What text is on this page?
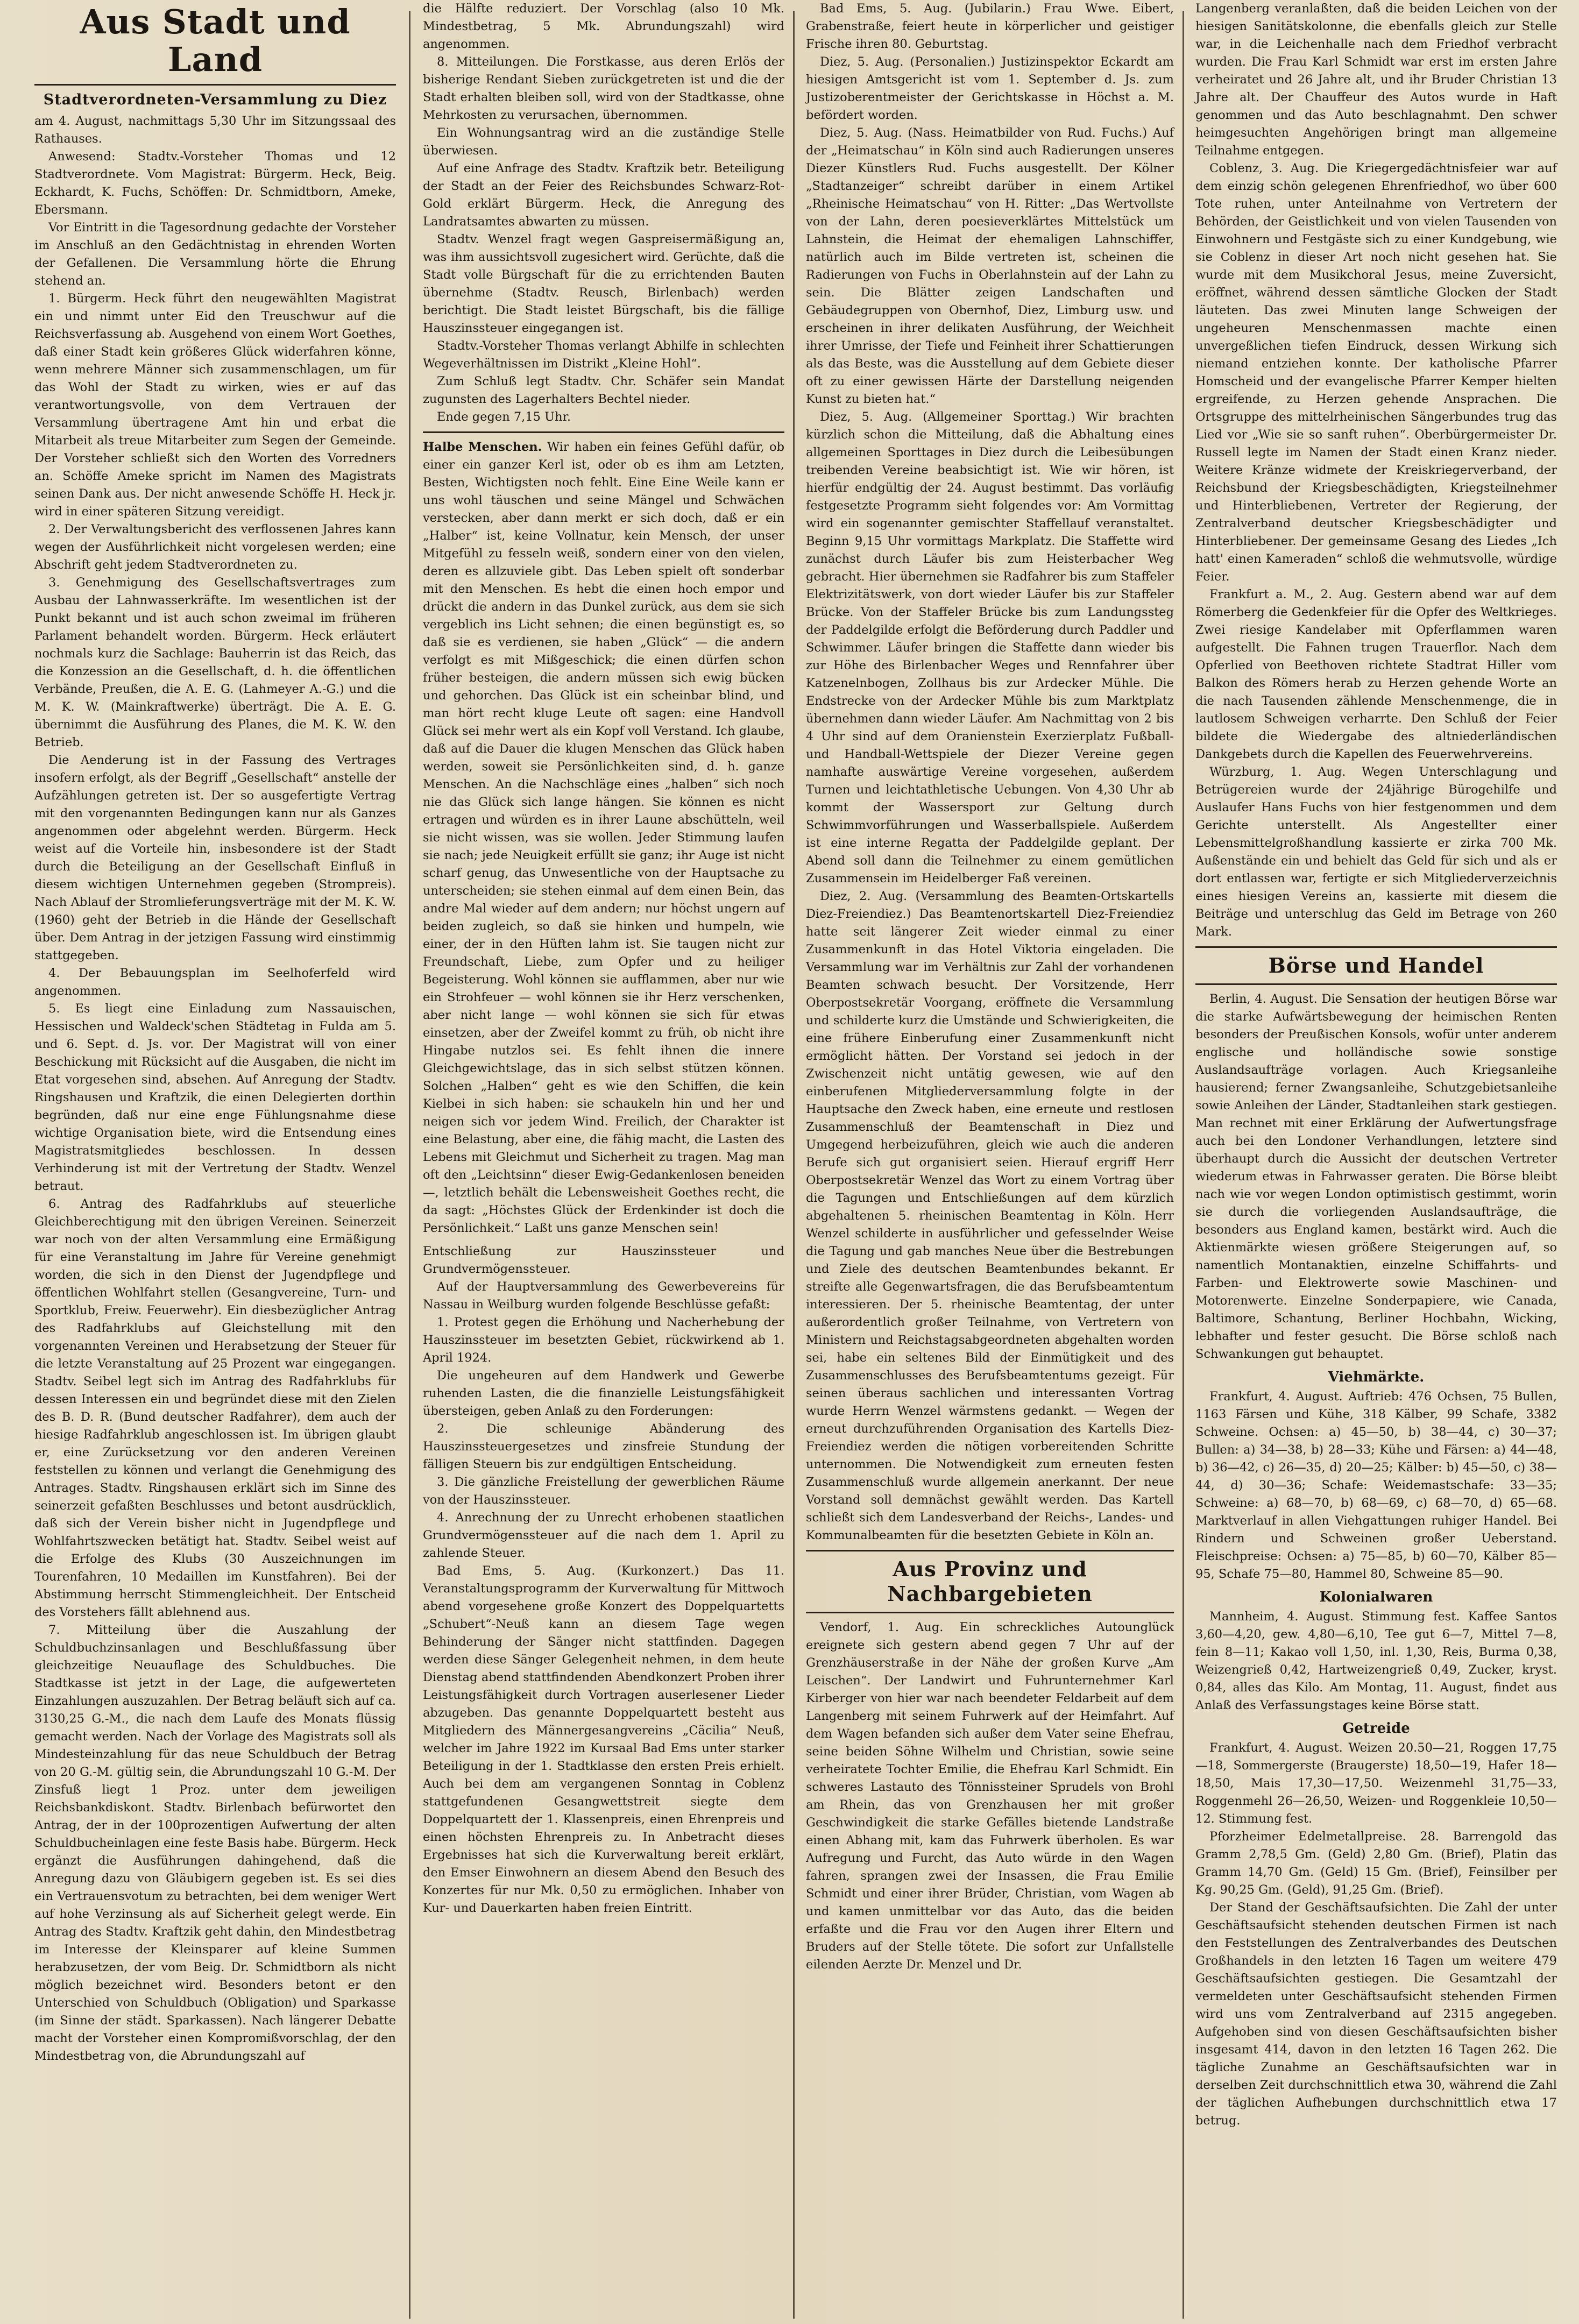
Aus Stadt und Land
Stadtverordneten-Versammlung zu Diez

am 4. August, nachmittags 5,30 Uhr im Sitzungssaal des Rathauses.

Anwesend: Stadtv.-Vorsteher Thomas und 12 Stadtverordnete. Vom Magistrat: Bürgerm. Heck, Beig. Eckhardt, K. Fuchs, Schöffen: Dr. Schmidtborn, Ameke, Ebersmann.

Vor Eintritt in die Tagesordnung gedachte der Vorsteher im Anschluß an den Gedächtnistag in ehrenden Worten der Gefallenen. Die Versammlung hörte die Ehrung stehend an.

1. Bürgerm. Heck führt den neugewählten Magistrat ein und nimmt unter Eid den Treuschwur auf die Reichsverfassung ab. Ausgehend von einem Wort Goethes, daß einer Stadt kein größeres Glück widerfahren könne, wenn mehrere Männer sich zusammenschlagen, um für das Wohl der Stadt zu wirken, wies er auf das verantwortungsvolle, von dem Vertrauen der Versammlung übertragene Amt hin und erbat die Mitarbeit als treue Mitarbeiter zum Segen der Gemeinde. Der Vorsteher schließt sich den Worten des Vorredners an. Schöffe Ameke spricht im Namen des Magistrats seinen Dank aus. Der nicht anwesende Schöffe H. Heck jr. wird in einer späteren Sitzung vereidigt.

2. Der Verwaltungsbericht des verflossenen Jahres kann wegen der Ausführlichkeit nicht vorgelesen werden; eine Abschrift geht jedem Stadtverordneten zu.

3. Genehmigung des Gesellschaftsvertrages zum Ausbau der Lahnwasserkräfte. Im wesentlichen ist der Punkt bekannt und ist auch schon zweimal im früheren Parlament behandelt worden. Bürgerm. Heck erläutert nochmals kurz die Sachlage: Bauherrin ist das Reich, das die Konzession an die Gesellschaft, d. h. die öffentlichen Verbände, Preußen, die A. E. G. (Lahmeyer A.-G.) und die M. K. W. (Mainkraftwerke) überträgt. Die A. E. G. übernimmt die Ausführung des Planes, die M. K. W. den Betrieb.

Die Aenderung ist in der Fassung des Vertrages insofern erfolgt, als der Begriff „Gesellschaft“ anstelle der Aufzählungen getreten ist. Der so ausgefertigte Vertrag mit den vorgenannten Bedingungen kann nur als Ganzes angenommen oder abgelehnt werden. Bürgerm. Heck weist auf die Vorteile hin, insbesondere ist der Stadt durch die Beteiligung an der Gesellschaft Einfluß in diesem wichtigen Unternehmen gegeben (Strompreis). Nach Ablauf der Stromlieferungsverträge mit der M. K. W. (1960) geht der Betrieb in die Hände der Gesellschaft über. Dem Antrag in der jetzigen Fassung wird einstimmig stattgegeben.

4. Der Bebauungsplan im Seelhoferfeld wird angenommen.

5. Es liegt eine Einladung zum Nassauischen, Hessischen und Waldeck'schen Städtetag in Fulda am 5. und 6. Sept. d. Js. vor. Der Magistrat will von einer Beschickung mit Rücksicht auf die Ausgaben, die nicht im Etat vorgesehen sind, absehen. Auf Anregung der Stadtv. Ringshausen und Kraftzik, die einen Delegierten dorthin begründen, daß nur eine enge Fühlungsnahme diese wichtige Organisation biete, wird die Entsendung eines Magistratsmitgliedes beschlossen. In dessen Verhinderung ist mit der Vertretung der Stadtv. Wenzel betraut.

6. Antrag des Radfahrklubs auf steuerliche Gleichberechtigung mit den übrigen Vereinen. Seinerzeit war noch von der alten Versammlung eine Ermäßigung für eine Veranstaltung im Jahre für Vereine genehmigt worden, die sich in den Dienst der Jugendpflege und öffentlichen Wohlfahrt stellen (Gesangvereine, Turn- und Sportklub, Freiw. Feuerwehr). Ein diesbezüglicher Antrag des Radfahrklubs auf Gleichstellung mit den vorgenannten Vereinen und Herabsetzung der Steuer für die letzte Veranstaltung auf 25 Prozent war eingegangen. Stadtv. Seibel legt sich im Antrag des Radfahrklubs für dessen Interessen ein und begründet diese mit den Zielen des B. D. R. (Bund deutscher Radfahrer), dem auch der hiesige Radfahrklub angeschlossen ist. Im übrigen glaubt er, eine Zurücksetzung vor den anderen Vereinen feststellen zu können und verlangt die Genehmigung des Antrages. Stadtv. Ringshausen erklärt sich im Sinne des seinerzeit gefaßten Beschlusses und betont ausdrücklich, daß sich der Verein bisher nicht in Jugendpflege und Wohlfahrtszwecken betätigt hat. Stadtv. Seibel weist auf die Erfolge des Klubs (30 Auszeichnungen im Tourenfahren, 10 Medaillen im Kunstfahren). Bei der Abstimmung herrscht Stimmengleichheit. Der Entscheid des Vorstehers fällt ablehnend aus.

7. Mitteilung über die Auszahlung der Schuldbuchzinsanlagen und Beschlußfassung über gleichzeitige Neuauflage des Schuldbuches. Die Stadtkasse ist jetzt in der Lage, die aufgewerteten Einzahlungen auszuzahlen. Der Betrag beläuft sich auf ca. 3130,25 G.-M., die nach dem Laufe des Monats flüssig gemacht werden. Nach der Vorlage des Magistrats soll als Mindesteinzahlung für das neue Schuldbuch der Betrag von 20 G.-M. gültig sein, die Abrundungszahl 10 G.-M. Der Zinsfuß liegt 1 Proz. unter dem jeweiligen Reichsbankdiskont. Stadtv. Birlenbach befürwortet den Antrag, der in der 100prozentigen Aufwertung der alten Schuldbucheinlagen eine feste Basis habe. Bürgerm. Heck ergänzt die Ausführungen dahingehend, daß die Anregung dazu von Gläubigern gegeben ist. Es sei dies ein Vertrauensvotum zu betrachten, bei dem weniger Wert auf hohe Verzinsung als auf Sicherheit gelegt werde. Ein Antrag des Stadtv. Kraftzik geht dahin, den Mindestbetrag im Interesse der Kleinsparer auf kleine Summen herabzusetzen, der vom Beig. Dr. Schmidtborn als nicht möglich bezeichnet wird. Besonders betont er den Unterschied von Schuldbuch (Obligation) und Sparkasse (im Sinne der städt. Sparkassen). Nach längerer Debatte macht der Vorsteher einen Kompromißvorschlag, der den Mindestbetrag von, die Abrundungszahl auf

die Hälfte reduziert. Der Vorschlag (also 10 Mk. Mindestbetrag, 5 Mk. Abrundungszahl) wird angenommen.

8. Mitteilungen. Die Forstkasse, aus deren Erlös der bisherige Rendant Sieben zurückgetreten ist und die der Stadt erhalten bleiben soll, wird von der Stadtkasse, ohne Mehrkosten zu verursachen, übernommen.

Ein Wohnungsantrag wird an die zuständige Stelle überwiesen.

Auf eine Anfrage des Stadtv. Kraftzik betr. Beteiligung der Stadt an der Feier des Reichsbundes Schwarz-Rot-Gold erklärt Bürgerm. Heck, die Anregung des Landratsamtes abwarten zu müssen.

Stadtv. Wenzel fragt wegen Gaspreisermäßigung an, was ihm aussichtsvoll zugesichert wird. Gerüchte, daß die Stadt volle Bürgschaft für die zu errichtenden Bauten übernehme (Stadtv. Reusch, Birlenbach) werden berichtigt. Die Stadt leistet Bürgschaft, bis die fällige Hauszinssteuer eingegangen ist.

Stadtv.-Vorsteher Thomas verlangt Abhilfe in schlechten Wegeverhältnissen im Distrikt „Kleine Hohl“.

Zum Schluß legt Stadtv. Chr. Schäfer sein Mandat zugunsten des Lagerhalters Bechtel nieder.

Ende gegen 7,15 Uhr.

Halbe Menschen. Wir haben ein feines Gefühl dafür, ob einer ein ganzer Kerl ist, oder ob es ihm am Letzten, Besten, Wichtigsten noch fehlt. Eine Eine Weile kann er uns wohl täuschen und seine Mängel und Schwächen verstecken, aber dann merkt er sich doch, daß er ein „Halber“ ist, keine Vollnatur, kein Mensch, der unser Mitgefühl zu fesseln weiß, sondern einer von den vielen, deren es allzuviele gibt. Das Leben spielt oft sonderbar mit den Menschen. Es hebt die einen hoch empor und drückt die andern in das Dunkel zurück, aus dem sie sich vergeblich ins Licht sehnen; die einen begünstigt es, so daß sie es verdienen, sie haben „Glück“ — die andern verfolgt es mit Mißgeschick; die einen dürfen schon früher besteigen, die andern müssen sich ewig bücken und gehorchen. Das Glück ist ein scheinbar blind, und man hört recht kluge Leute oft sagen: eine Handvoll Glück sei mehr wert als ein Kopf voll Verstand. Ich glaube, daß auf die Dauer die klugen Menschen das Glück haben werden, soweit sie Persönlichkeiten sind, d. h. ganze Menschen. An die Nachschläge eines „halben“ sich noch nie das Glück sich lange hängen. Sie können es nicht ertragen und würden es in ihrer Laune abschütteln, weil sie nicht wissen, was sie wollen. Jeder Stimmung laufen sie nach; jede Neuigkeit erfüllt sie ganz; ihr Auge ist nicht scharf genug, das Unwesentliche von der Hauptsache zu unterscheiden; sie stehen einmal auf dem einen Bein, das andre Mal wieder auf dem andern; nur höchst ungern auf beiden zugleich, so daß sie hinken und humpeln, wie einer, der in den Hüften lahm ist. Sie taugen nicht zur Freundschaft, Liebe, zum Opfer und zu heiliger Begeisterung. Wohl können sie aufflammen, aber nur wie ein Strohfeuer — wohl können sie ihr Herz verschenken, aber nicht lange — wohl können sie sich für etwas einsetzen, aber der Zweifel kommt zu früh, ob nicht ihre Hingabe nutzlos sei. Es fehlt ihnen die innere Gleichgewichtslage, das in sich selbst stützen können. Solchen „Halben“ geht es wie den Schiffen, die kein Kielbei in sich haben: sie schaukeln hin und her und neigen sich vor jedem Wind. Freilich, der Charakter ist eine Belastung, aber eine, die fähig macht, die Lasten des Lebens mit Gleichmut und Sicherheit zu tragen. Mag man oft den „Leichtsinn“ dieser Ewig-Gedankenlosen beneiden —, letztlich behält die Lebensweisheit Goethes recht, die da sagt: „Höchstes Glück der Erdenkinder ist doch die Persönlichkeit.“ Laßt uns ganze Menschen sein!

Entschließung zur Hauszinssteuer und Grundvermögenssteuer.

Auf der Hauptversammlung des Gewerbevereins für Nassau in Weilburg wurden folgende Beschlüsse gefaßt:

1. Protest gegen die Erhöhung und Nacherhebung der Hauszinssteuer im besetzten Gebiet, rückwirkend ab 1. April 1924.

Die ungeheuren auf dem Handwerk und Gewerbe ruhenden Lasten, die die finanzielle Leistungsfähigkeit übersteigen, geben Anlaß zu den Forderungen:

2. Die schleunige Abänderung des Hauszinssteuergesetzes und zinsfreie Stundung der fälligen Steuern bis zur endgültigen Entscheidung.

3. Die gänzliche Freistellung der gewerblichen Räume von der Hauszinssteuer.

4. Anrechnung der zu Unrecht erhobenen staatlichen Grundvermögenssteuer auf die nach dem 1. April zu zahlende Steuer.

Bad Ems, 5. Aug. (Kurkonzert.) Das 11. Veranstaltungsprogramm der Kurverwaltung für Mittwoch abend vorgesehene große Konzert des Doppelquartetts „Schubert“-Neuß kann an diesem Tage wegen Behinderung der Sänger nicht stattfinden. Dagegen werden diese Sänger Gelegenheit nehmen, in dem heute Dienstag abend stattfindenden Abendkonzert Proben ihrer Leistungsfähigkeit durch Vortragen auserlesener Lieder abzugeben. Das genannte Doppelquartett besteht aus Mitgliedern des Männergesangvereins „Cäcilia“ Neuß, welcher im Jahre 1922 im Kursaal Bad Ems unter starker Beteiligung in der 1. Stadtklasse den ersten Preis erhielt. Auch bei dem am vergangenen Sonntag in Coblenz stattgefundenen Gesangwettstreit siegte dem Doppelquartett der 1. Klassenpreis, einen Ehrenpreis und einen höchsten Ehrenpreis zu. In Anbetracht dieses Ergebnisses hat sich die Kurverwaltung bereit erklärt, den Emser Einwohnern an diesem Abend den Besuch des Konzertes für nur Mk. 0,50 zu ermöglichen. Inhaber von Kur- und Dauerkarten haben freien Eintritt.

Bad Ems, 5. Aug. (Jubilarin.) Frau Wwe. Eibert, Grabenstraße, feiert heute in körperlicher und geistiger Frische ihren 80. Geburtstag.

Diez, 5. Aug. (Personalien.) Justizinspektor Eckardt am hiesigen Amtsgericht ist vom 1. September d. Js. zum Justizoberentmeister der Gerichtskasse in Höchst a. M. befördert worden.

Diez, 5. Aug. (Nass. Heimatbilder von Rud. Fuchs.) Auf der „Heimatschau“ in Köln sind auch Radierungen unseres Diezer Künstlers Rud. Fuchs ausgestellt. Der Kölner „Stadtanzeiger“ schreibt darüber in einem Artikel „Rheinische Heimatschau“ von H. Ritter: „Das Wertvollste von der Lahn, deren poesieverklärtes Mittelstück um Lahnstein, die Heimat der ehemaligen Lahnschiffer, natürlich auch im Bilde vertreten ist, scheinen die Radierungen von Fuchs in Oberlahnstein auf der Lahn zu sein. Die Blätter zeigen Landschaften und Gebäudegruppen von Obernhof, Diez, Limburg usw. und erscheinen in ihrer delikaten Ausführung, der Weichheit ihrer Umrisse, der Tiefe und Feinheit ihrer Schattierungen als das Beste, was die Ausstellung auf dem Gebiete dieser oft zu einer gewissen Härte der Darstellung neigenden Kunst zu bieten hat.“

Diez, 5. Aug. (Allgemeiner Sporttag.) Wir brachten kürzlich schon die Mitteilung, daß die Abhaltung eines allgemeinen Sporttages in Diez durch die Leibesübungen treibenden Vereine beabsichtigt ist. Wie wir hören, ist hierfür endgültig der 24. August bestimmt. Das vorläufig festgesetzte Programm sieht folgendes vor: Am Vormittag wird ein sogenannter gemischter Staffellauf veranstaltet. Beginn 9,15 Uhr vormittags Markplatz. Die Staffette wird zunächst durch Läufer bis zum Heisterbacher Weg gebracht. Hier übernehmen sie Radfahrer bis zum Staffeler Elektrizitätswerk, von dort wieder Läufer bis zur Staffeler Brücke. Von der Staffeler Brücke bis zum Landungssteg der Paddelgilde erfolgt die Beförderung durch Paddler und Schwimmer. Läufer bringen die Staffette dann wieder bis zur Höhe des Birlenbacher Weges und Rennfahrer über Katzenelnbogen, Zollhaus bis zur Ardecker Mühle. Die Endstrecke von der Ardecker Mühle bis zum Marktplatz übernehmen dann wieder Läufer. Am Nachmittag von 2 bis 4 Uhr sind auf dem Oranienstein Exerzierplatz Fußball- und Handball-Wettspiele der Diezer Vereine gegen namhafte auswärtige Vereine vorgesehen, außerdem Turnen und leichtathletische Uebungen. Von 4,30 Uhr ab kommt der Wassersport zur Geltung durch Schwimmvorführungen und Wasserballspiele. Außerdem ist eine interne Regatta der Paddelgilde geplant. Der Abend soll dann die Teilnehmer zu einem gemütlichen Zusammensein im Heidelberger Faß vereinen.

Diez, 2. Aug. (Versammlung des Beamten-Ortskartells Diez-Freiendiez.) Das Beamtenortskartell Diez-Freiendiez hatte seit längerer Zeit wieder einmal zu einer Zusammenkunft in das Hotel Viktoria eingeladen. Die Versammlung war im Verhältnis zur Zahl der vorhandenen Beamten schwach besucht. Der Vorsitzende, Herr Oberpostsekretär Voorgang, eröffnete die Versammlung und schilderte kurz die Umstände und Schwierigkeiten, die eine frühere Einberufung einer Zusammenkunft nicht ermöglicht hätten. Der Vorstand sei jedoch in der Zwischenzeit nicht untätig gewesen, wie auf den einberufenen Mitgliederversammlung folgte in der Hauptsache den Zweck haben, eine erneute und restlosen Zusammenschluß der Beamtenschaft in Diez und Umgegend herbeizuführen, gleich wie auch die anderen Berufe sich gut organisiert seien. Hierauf ergriff Herr Oberpostsekretär Wenzel das Wort zu einem Vortrag über die Tagungen und Entschließungen auf dem kürzlich abgehaltenen 5. rheinischen Beamtentag in Köln. Herr Wenzel schilderte in ausführlicher und gefesselnder Weise die Tagung und gab manches Neue über die Bestrebungen und Ziele des deutschen Beamtenbundes bekannt. Er streifte alle Gegenwartsfragen, die das Berufsbeamtentum interessieren. Der 5. rheinische Beamtentag, der unter außerordentlich großer Teilnahme, von Vertretern von Ministern und Reichstagsabgeordneten abgehalten worden sei, habe ein seltenes Bild der Einmütigkeit und des Zusammenschlusses des Berufsbeamtentums gezeigt. Für seinen überaus sachlichen und interessanten Vortrag wurde Herrn Wenzel wärmstens gedankt. — Wegen der erneut durchzuführenden Organisation des Kartells Diez-Freiendiez werden die nötigen vorbereitenden Schritte unternommen. Die Notwendigkeit zum erneuten festen Zusammenschluß wurde allgemein anerkannt. Der neue Vorstand soll demnächst gewählt werden. Das Kartell schließt sich dem Landesverband der Reichs-, Landes- und Kommunalbeamten für die besetzten Gebiete in Köln an.

Aus Provinz und Nachbargebieten

Vendorf, 1. Aug. Ein schreckliches Autounglück ereignete sich gestern abend gegen 7 Uhr auf der Grenzhäuserstraße in der Nähe der großen Kurve „Am Leischen“. Der Landwirt und Fuhrunternehmer Karl Kirberger von hier war nach beendeter Feldarbeit auf dem Langenberg mit seinem Fuhrwerk auf der Heimfahrt. Auf dem Wagen befanden sich außer dem Vater seine Ehefrau, seine beiden Söhne Wilhelm und Christian, sowie seine verheiratete Tochter Emilie, die Ehefrau Karl Schmidt. Ein schweres Lastauto des Tönnissteiner Sprudels von Brohl am Rhein, das von Grenzhausen her mit großer Geschwindigkeit die starke Gefälles bietende Landstraße einen Abhang mit, kam das Fuhrwerk überholen. Es war Aufregung und Furcht, das Auto würde in den Wagen fahren, sprangen zwei der Insassen, die Frau Emilie Schmidt und einer ihrer Brüder, Christian, vom Wagen ab und kamen unmittelbar vor das Auto, das die beiden erfaßte und die Frau vor den Augen ihrer Eltern und Bruders auf der Stelle tötete. Die sofort zur Unfallstelle eilenden Aerzte Dr. Menzel und Dr.

Langenberg veranlaßten, daß die beiden Leichen von der hiesigen Sanitätskolonne, die ebenfalls gleich zur Stelle war, in die Leichenhalle nach dem Friedhof verbracht wurden. Die Frau Karl Schmidt war erst im ersten Jahre verheiratet und 26 Jahre alt, und ihr Bruder Christian 13 Jahre alt. Der Chauffeur des Autos wurde in Haft genommen und das Auto beschlagnahmt. Den schwer heimgesuchten Angehörigen bringt man allgemeine Teilnahme entgegen.

Coblenz, 3. Aug. Die Kriegergedächtnisfeier war auf dem einzig schön gelegenen Ehrenfriedhof, wo über 600 Tote ruhen, unter Anteilnahme von Vertretern der Behörden, der Geistlichkeit und von vielen Tausenden von Einwohnern und Festgäste sich zu einer Kundgebung, wie sie Coblenz in dieser Art noch nicht gesehen hat. Sie wurde mit dem Musikchoral Jesus, meine Zuversicht, eröffnet, während dessen sämtliche Glocken der Stadt läuteten. Das zwei Minuten lange Schweigen der ungeheuren Menschenmassen machte einen unvergeßlichen tiefen Eindruck, dessen Wirkung sich niemand entziehen konnte. Der katholische Pfarrer Homscheid und der evangelische Pfarrer Kemper hielten ergreifende, zu Herzen gehende Ansprachen. Die Ortsgruppe des mittelrheinischen Sängerbundes trug das Lied vor „Wie sie so sanft ruhen“. Oberbürgermeister Dr. Russell legte im Namen der Stadt einen Kranz nieder. Weitere Kränze widmete der Kreiskriegerverband, der Reichsbund der Kriegsbeschädigten, Kriegsteilnehmer und Hinterbliebenen, Vertreter der Regierung, der Zentralverband deutscher Kriegsbeschädigter und Hinterbliebener. Der gemeinsame Gesang des Liedes „Ich hatt' einen Kameraden“ schloß die wehmutsvolle, würdige Feier.

Frankfurt a. M., 2. Aug. Gestern abend war auf dem Römerberg die Gedenkfeier für die Opfer des Weltkrieges. Zwei riesige Kandelaber mit Opferflammen waren aufgestellt. Die Fahnen trugen Trauerflor. Nach dem Opferlied von Beethoven richtete Stadtrat Hiller vom Balkon des Römers herab zu Herzen gehende Worte an die nach Tausenden zählende Menschenmenge, die in lautlosem Schweigen verharrte. Den Schluß der Feier bildete die Wiedergabe des altniederländischen Dankgebets durch die Kapellen des Feuerwehrvereins.

Würzburg, 1. Aug. Wegen Unterschlagung und Betrügereien wurde der 24jährige Bürogehilfe und Auslaufer Hans Fuchs von hier festgenommen und dem Gerichte unterstellt. Als Angestellter einer Lebensmittelgroßhandlung kassierte er zirka 700 Mk. Außenstände ein und behielt das Geld für sich und als er dort entlassen war, fertigte er sich Mitgliederverzeichnis eines hiesigen Vereins an, kassierte mit diesem die Beiträge und unterschlug das Geld im Betrage von 260 Mark.

Börse und Handel

Berlin, 4. August. Die Sensation der heutigen Börse war die starke Aufwärtsbewegung der heimischen Renten besonders der Preußischen Konsols, wofür unter anderem englische und holländische sowie sonstige Auslandsaufträge vorlagen. Auch Kriegsanleihe hausierend; ferner Zwangsanleihe, Schutzgebietsanleihe sowie Anleihen der Länder, Stadtanleihen stark gestiegen. Man rechnet mit einer Erklärung der Aufwertungsfrage auch bei den Londoner Verhandlungen, letztere sind überhaupt durch die Aussicht der deutschen Vertreter wiederum etwas in Fahrwasser geraten. Die Börse bleibt nach wie vor wegen London optimistisch gestimmt, worin sie durch die vorliegenden Auslandsaufträge, die besonders aus England kamen, bestärkt wird. Auch die Aktienmärkte wiesen größere Steigerungen auf, so namentlich Montanaktien, einzelne Schiffahrts- und Farben- und Elektrowerte sowie Maschinen- und Motorenwerte. Einzelne Sonderpapiere, wie Canada, Baltimore, Schantung, Berliner Hochbahn, Wicking, lebhafter und fester gesucht. Die Börse schloß nach Schwankungen gut behauptet.

Viehmärkte.

Frankfurt, 4. August. Auftrieb: 476 Ochsen, 75 Bullen, 1163 Färsen und Kühe, 318 Kälber, 99 Schafe, 3382 Schweine. Ochsen: a) 45—50, b) 38—44, c) 30—37; Bullen: a) 34—38, b) 28—33; Kühe und Färsen: a) 44—48, b) 36—42, c) 26—35, d) 20—25; Kälber: b) 45—50, c) 38—44, d) 30—36; Schafe: Weidemastschafe: 33—35; Schweine: a) 68—70, b) 68—69, c) 68—70, d) 65—68. Marktverlauf in allen Viehgattungen ruhiger Handel. Bei Rindern und Schweinen großer Ueberstand. Fleischpreise: Ochsen: a) 75—85, b) 60—70, Kälber 85—95, Schafe 75—80, Hammel 80, Schweine 85—90.

Kolonialwaren

Mannheim, 4. August. Stimmung fest. Kaffee Santos 3,60—4,20, gew. 4,80—6,10, Tee gut 6—7, Mittel 7—8, fein 8—11; Kakao voll 1,50, inl. 1,30, Reis, Burma 0,38, Weizengrieß 0,42, Hartweizengrieß 0,49, Zucker, kryst. 0,84, alles das Kilo. Am Montag, 11. August, findet aus Anlaß des Verfassungstages keine Börse statt.

Getreide

Frankfurt, 4. August. Weizen 20.50—21, Roggen 17,75—18, Sommergerste (Braugerste) 18,50—19, Hafer 18—18,50, Mais 17,30—17,50. Weizenmehl 31,75—33, Roggenmehl 26—26,50, Weizen- und Roggenkleie 10,50—12. Stimmung fest.

Pforzheimer Edelmetallpreise. 28. Barrengold das Gramm 2,78,5 Gm. (Geld) 2,80 Gm. (Brief), Platin das Gramm 14,70 Gm. (Geld) 15 Gm. (Brief), Feinsilber per Kg. 90,25 Gm. (Geld), 91,25 Gm. (Brief).

Der Stand der Geschäftsaufsichten. Die Zahl der unter Geschäftsaufsicht stehenden deutschen Firmen ist nach den Feststellungen des Zentralverbandes des Deutschen Großhandels in den letzten 16 Tagen um weitere 479 Geschäftsaufsichten gestiegen. Die Gesamtzahl der vermeldeten unter Geschäftsaufsicht stehenden Firmen wird uns vom Zentralverband auf 2315 angegeben. Aufgehoben sind von diesen Geschäftsaufsichten bisher insgesamt 414, davon in den letzten 16 Tagen 262. Die tägliche Zunahme an Geschäftsaufsichten war in derselben Zeit durchschnittlich etwa 30, während die Zahl der täglichen Aufhebungen durchschnittlich etwa 17 betrug.
